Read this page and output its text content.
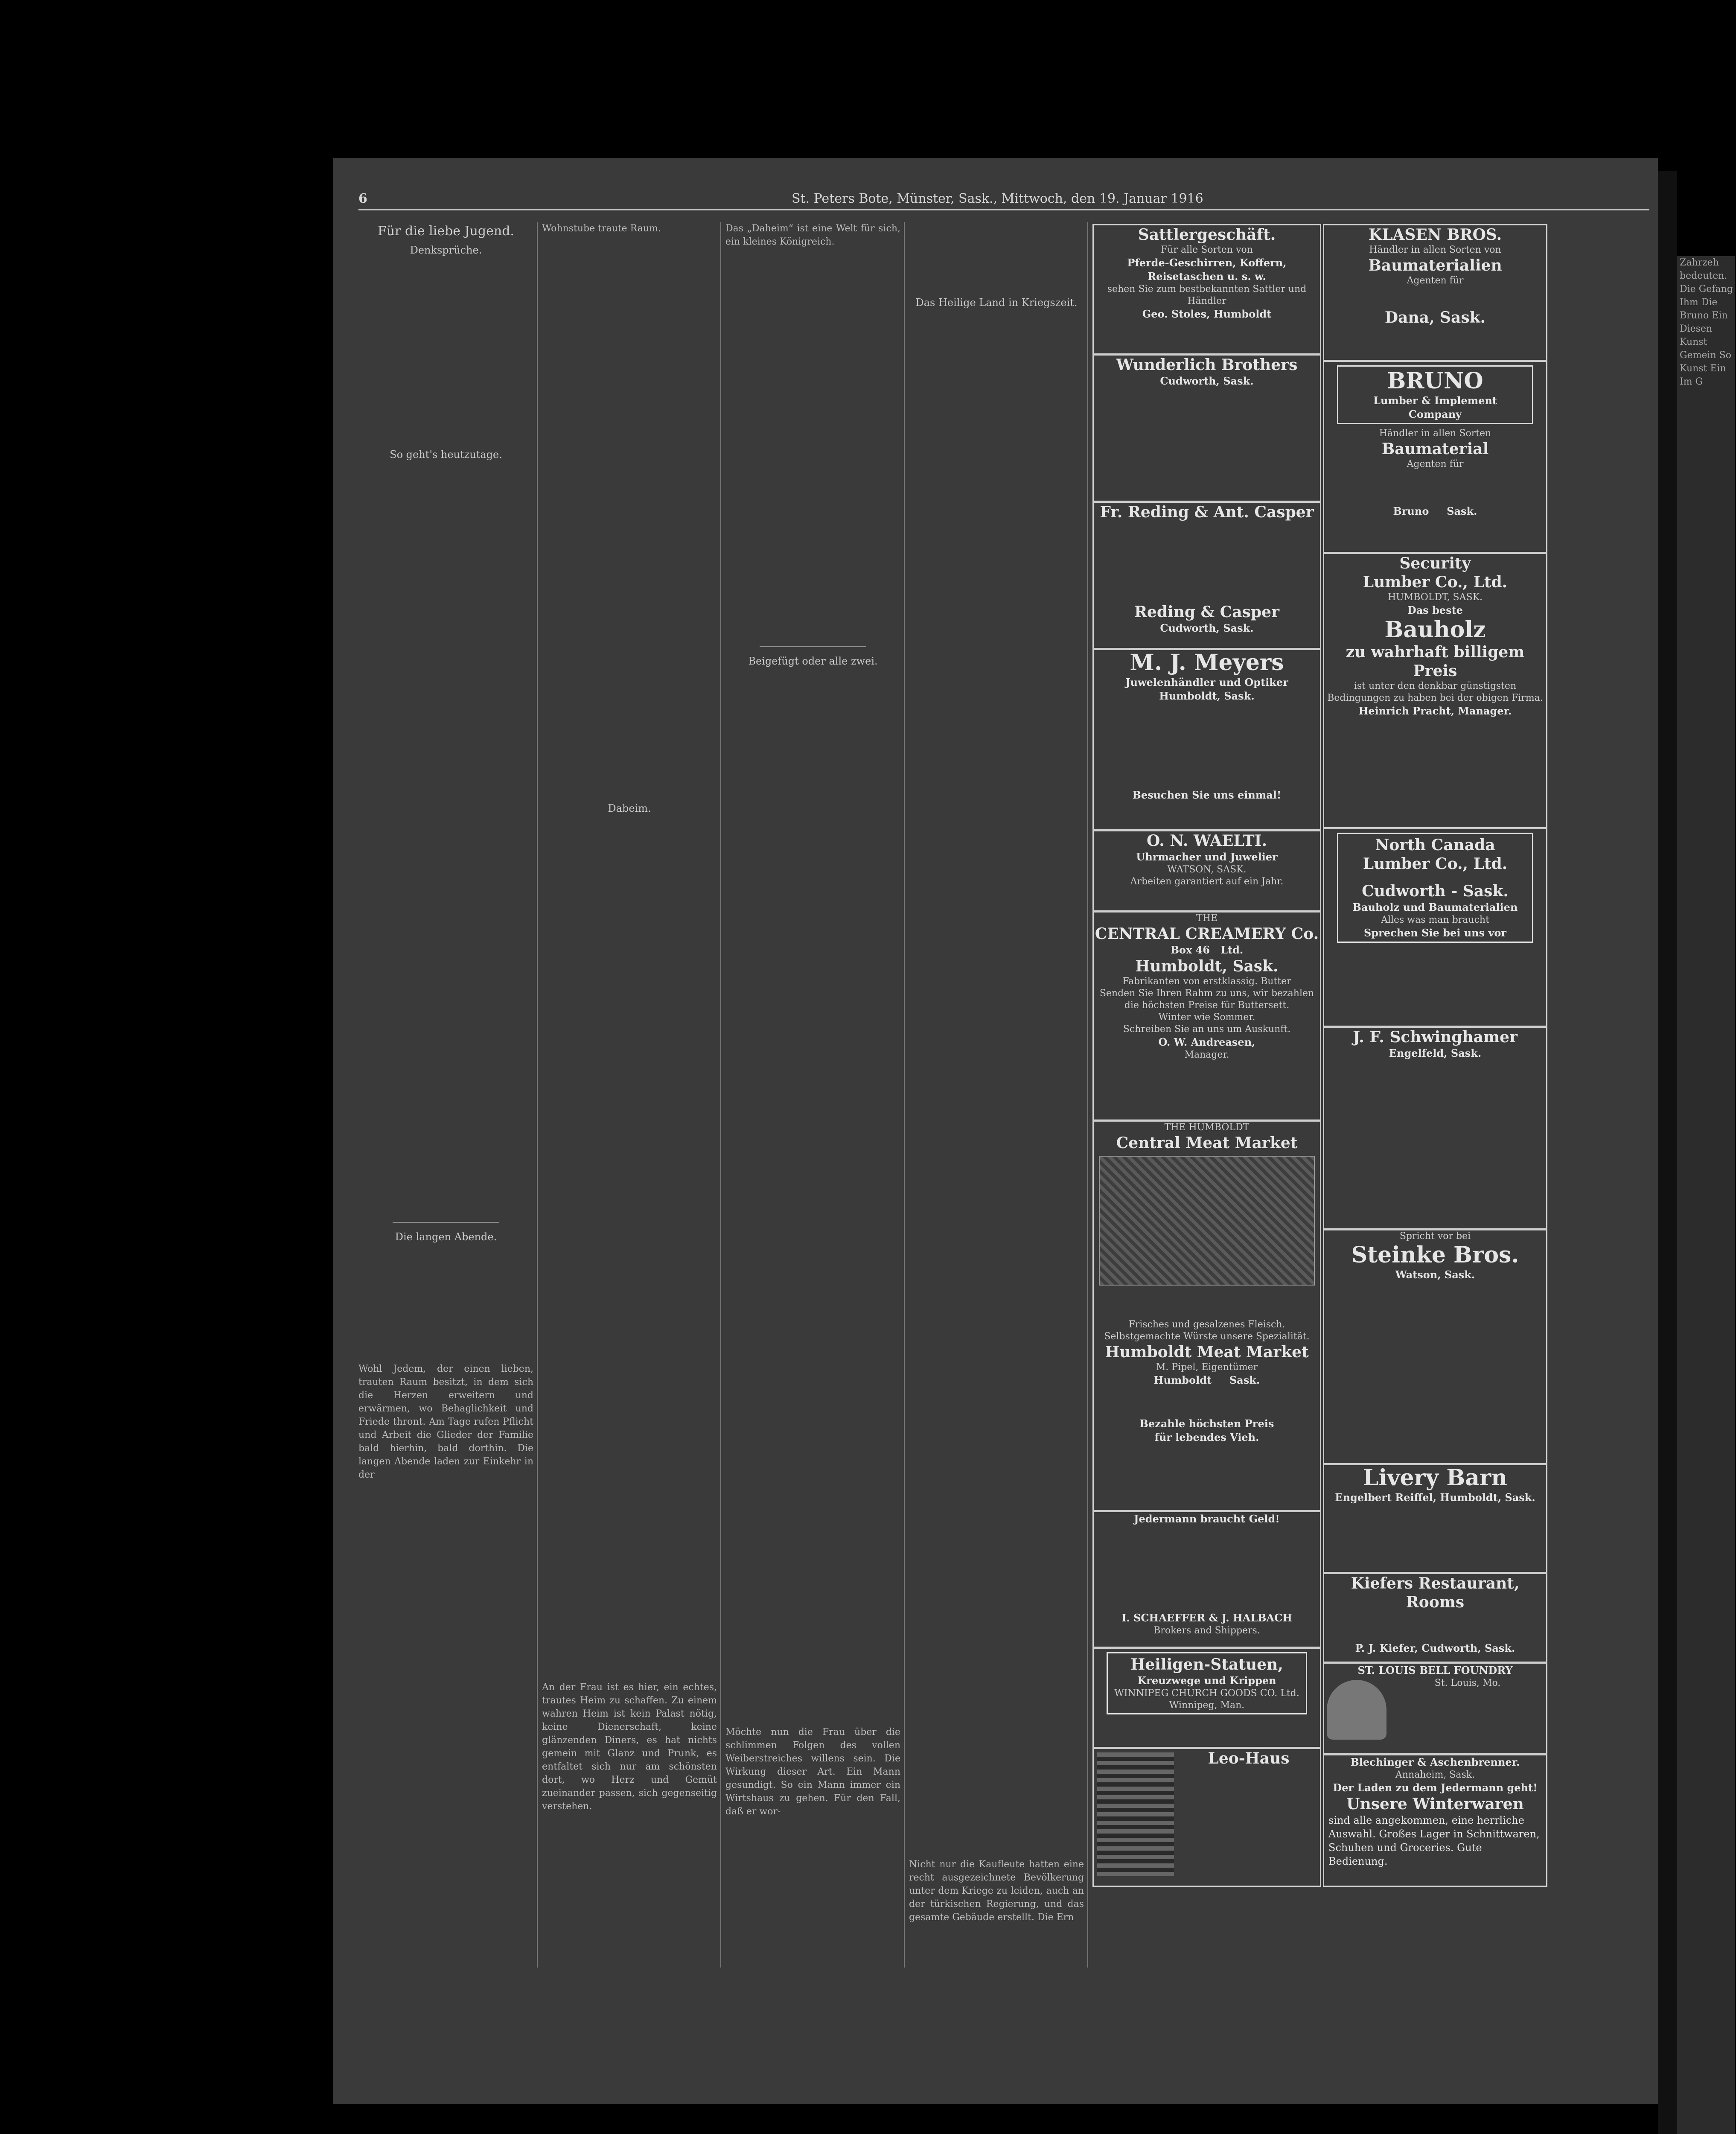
6	St. Peters Bote, Münster, Sask., Mittwoch, den 19. Januar 1916
Für die liebe Jugend.
Denksprüche.

So geht's heutzutage.

Die langen Abende.

Wohl Jedem, der einen lieben, trauten Raum besitzt, in dem sich die Herzen erweitern und erwärmen, wo Behaglichkeit und Friede thront. Am Tage rufen Pflicht und Arbeit die Glieder der Familie bald hierhin, bald dorthin. Die langen Abende laden zur Einkehr in der

Wohnstube traute Raum.

Dabeim.

An der Frau ist es hier, ein echtes, trautes Heim zu schaffen. Zu einem wahren Heim ist kein Palast nötig, keine Dienerschaft, keine glänzenden Diners, es hat nichts gemein mit Glanz und Prunk, es entfaltet sich nur am schönsten dort, wo Herz und Gemüt zueinander passen, sich gegenseitig verstehen.

Das „Daheim“ ist eine Welt für sich, ein kleines Königreich.

Beigefügt oder alle zwei.

Möchte nun die Frau über die schlimmen Folgen des vollen Weiberstreiches willens sein. Die Wirkung dieser Art. Ein Mann gesundigt. So ein Mann immer ein Wirtshaus zu gehen. Für den Fall, daß er wor-

Das Heilige Land in Kriegszeit.

Nicht nur die Kaufleute hatten eine recht ausgezeichnete Bevölkerung unter dem Kriege zu leiden, auch an der türkischen Regierung, und das gesamte Gebäude erstellt. Die Ern

Sattlergeschäft.
Für alle Sorten von
Pferde-Geschirren, Koffern, Reisetaschen u. s. w.
sehen Sie zum bestbekannten Sattler und Händler
Geo. Stoles, Humboldt
Wunderlich Brothers
Cudworth, Sask.
Fr. Reding & Ant. Casper
Reding & Casper
Cudworth, Sask.
M. J. Meyers
Juwelenhändler und Optiker
Humboldt, Sask.
Besuchen Sie uns einmal!
O. N. WAELTI.
Uhrmacher und Juwelier
WATSON, SASK.
Arbeiten garantiert auf ein Jahr.
THE
CENTRAL CREAMERY Co.
Box 46 Ltd.
Humboldt, Sask.
Fabrikanten von erstklassig. Butter
Senden Sie Ihren Rahm zu uns, wir bezahlen die höchsten Preise für Buttersett.
Winter wie Sommer.
Schreiben Sie an uns um Auskunft.
O. W. Andreasen,
Manager.
THE HUMBOLDT
Central Meat Market
Frisches und gesalzenes Fleisch. Selbstgemachte Würste unsere Spezialität.
Humboldt Meat Market
M. Pipel, Eigentümer
Humboldt Sask.
Bezahle höchsten Preis
für lebendes Vieh.
Jedermann braucht Geld!
I. SCHAEFFER & J. HALBACH
Brokers and Shippers.
Heiligen-Statuen,
Kreuzwege und Krippen
WINNIPEG CHURCH GOODS CO. Ltd.
Winnipeg, Man.
Leo-Haus
KLASEN BROS.
Händler in allen Sorten von
Baumaterialien
Agenten für
Dana, Sask.
BRUNO
Lumber & Implement
Company
Händler in allen Sorten
Baumaterial
Agenten für
Bruno Sask.
Security
Lumber Co., Ltd.
HUMBOLDT, SASK.
Das beste
Bauholz
zu wahrhaft billigem Preis
ist unter den denkbar günstigsten Bedingungen zu haben bei der obigen Firma.
Heinrich Pracht, Manager.
North Canada
Lumber Co., Ltd.
Cudworth - Sask.
Bauholz und Baumaterialien
Alles was man braucht
Sprechen Sie bei uns vor
J. F. Schwinghamer
Engelfeld, Sask.
Spricht vor bei
Steinke Bros.
Watson, Sask.
Livery Barn
Engelbert Reiffel, Humboldt, Sask.
Kiefers Restaurant, Rooms
P. J. Kiefer, Cudworth, Sask.
ST. LOUIS BELL FOUNDRY
St. Louis, Mo.
Blechinger & Aschenbrenner.
Annaheim, Sask.
Der Laden zu dem Jedermann geht!
Unsere Winterwaren
sind alle angekommen, eine herrliche Auswahl. Großes Lager in Schnittwaren, Schuhen und Groceries. Gute Bedienung.
Zahrzeh bedeuten. Die Gefang Ihm Die Bruno Ein Diesen Kunst Gemein So Kunst Ein Im G
